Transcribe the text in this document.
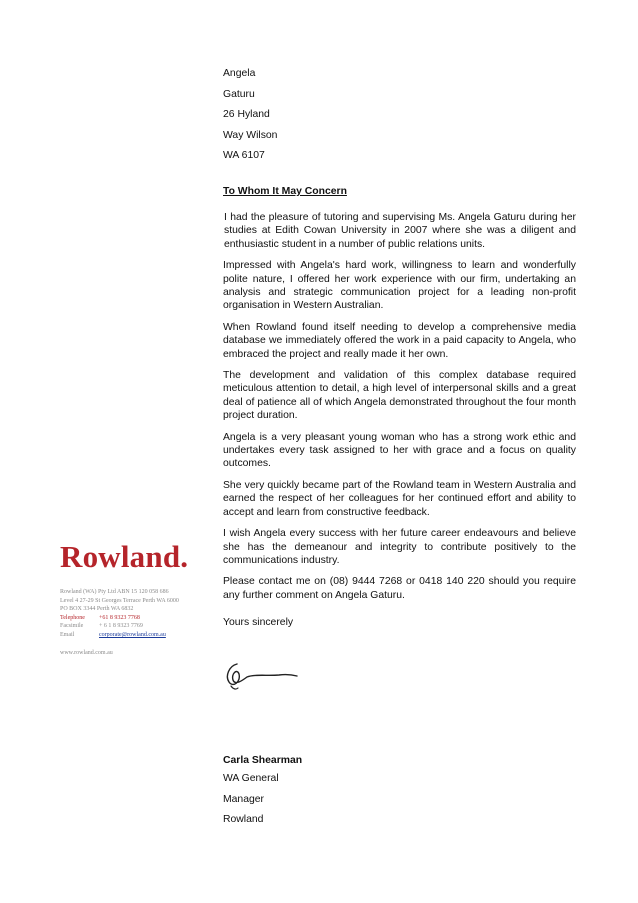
Rowland.
Rowland (WA) Pty Ltd ABN 15 120 058 686
Level 4 27-29 St Georges Terrace Perth WA 6000
PO BOX 3344 Perth WA 6832
Telephone	+61 8 9323 7768
Facsimile	+ 6 1 8 9323 7769
Email	corporate@rowland.com.au
www.rowland.com.au
Angela
Gaturu
26 Hyland
Way Wilson
WA 6107
To Whom It May Concern

I had the pleasure of tutoring and supervising Ms. Angela Gaturu during her studies at Edith Cowan University in 2007 where she was a diligent and enthusiastic student in a number of public relations units.

Impressed with Angela's hard work, willingness to learn and wonderfully polite nature, I offered her work experience with our firm, undertaking an analysis and strategic communication project for a leading non-profit organisation in Western Australian.

When Rowland found itself needing to develop a comprehensive media database we immediately offered the work in a paid capacity to Angela, who embraced the project and really made it her own.

The development and validation of this complex database required meticulous attention to detail, a high level of interpersonal skills and a great deal of patience all of which Angela demonstrated throughout the four month project duration.

Angela is a very pleasant young woman who has a strong work ethic and undertakes every task assigned to her with grace and a focus on quality outcomes.

She very quickly became part of the Rowland team in Western Australia and earned the respect of her colleagues for her continued effort and ability to accept and learn from constructive feedback.

I wish Angela every success with her future career endeavours and believe she has the demeanour and integrity to contribute positively to the communications industry.

Please contact me on (08) 9444 7268 or 0418 140 220 should you require any further comment on Angela Gaturu.

Yours sincerely
Carla Shearman
WA General
Manager
Rowland
